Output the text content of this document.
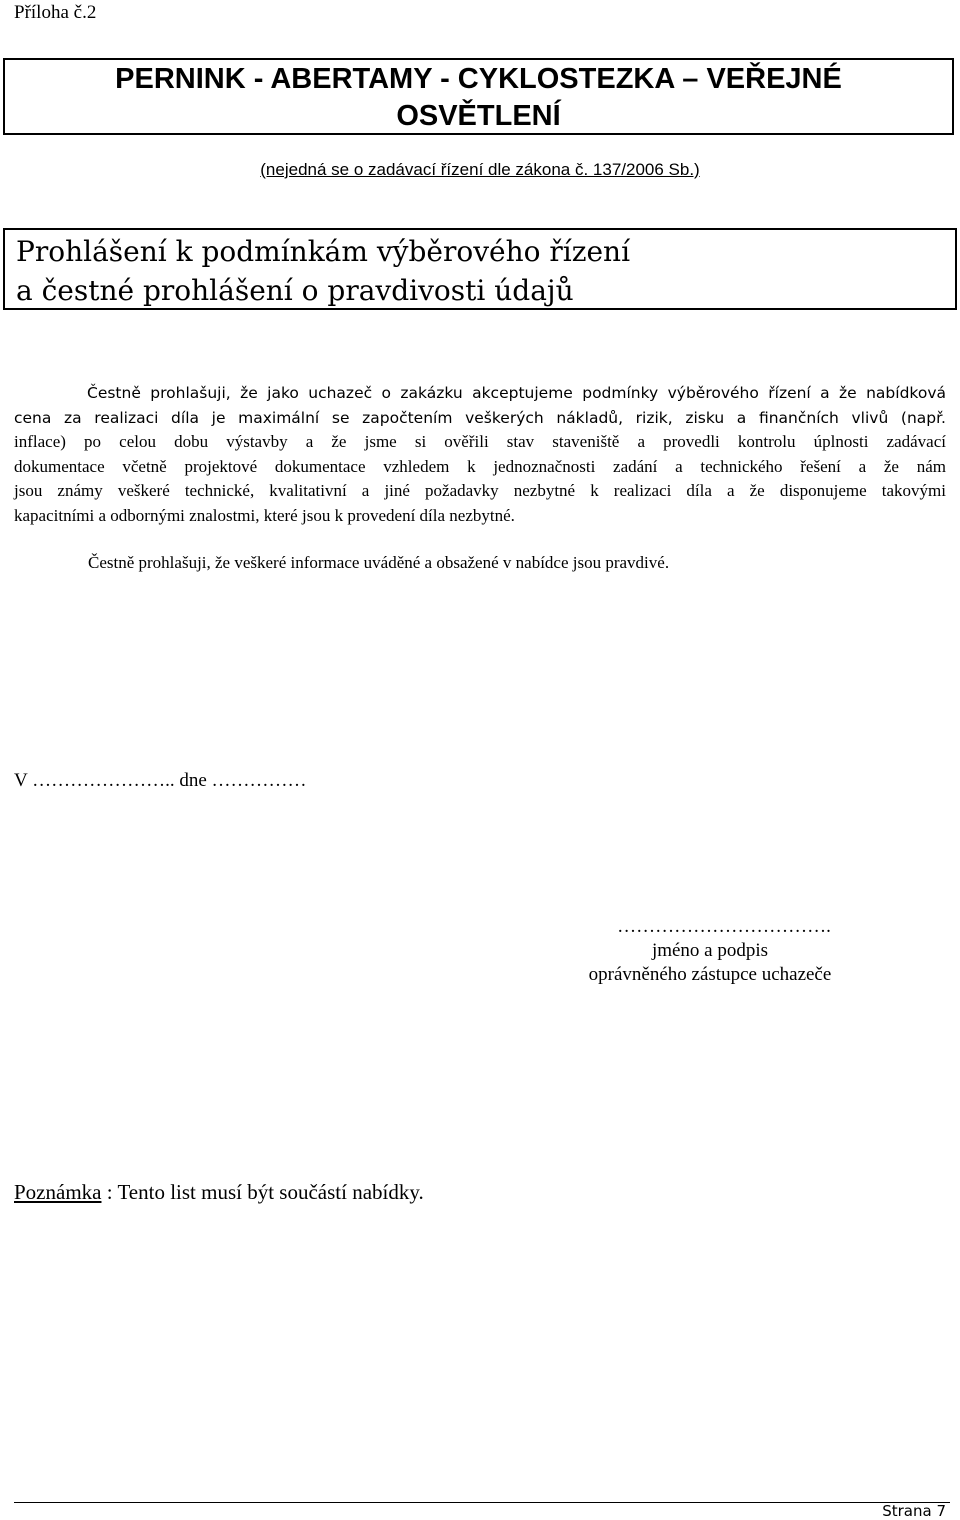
Příloha č.2
PERNINK - ABERTAMY - CYKLOSTEZKA – VEŘEJNÉ
OSVĚTLENÍ
(nejedná se o zadávací řízení dle zákona č. 137/2006 Sb.)
Prohlášení k podmínkám výběrového řízení
a čestné prohlášení o pravdivosti údajů
Čestně prohlašuji, že jako uchazeč o zakázku akceptujeme podmínky výběrového řízení a že nabídková
cena za realizaci díla je maximální se započtením veškerých nákladů, rizik, zisku a finančních vlivů (např.
inflace) po celou dobu výstavby a že jsme si ověřili stav staveniště a provedli kontrolu úplnosti zadávací
dokumentace včetně projektové dokumentace vzhledem k jednoznačnosti zadání a technického řešení a že nám
jsou známy veškeré technické, kvalitativní a jiné požadavky nezbytné k realizaci díla a že disponujeme takovými
kapacitními a odbornými znalostmi, které jsou k provedení díla nezbytné.
Čestně prohlašuji, že veškeré informace uváděné a obsažené v nabídce jsou pravdivé.
V ………………….. dne ……………
…………………………….
jméno a podpis
oprávněného zástupce uchazeče
Poznámka : Tento list musí být součástí nabídky.
Strana 7
